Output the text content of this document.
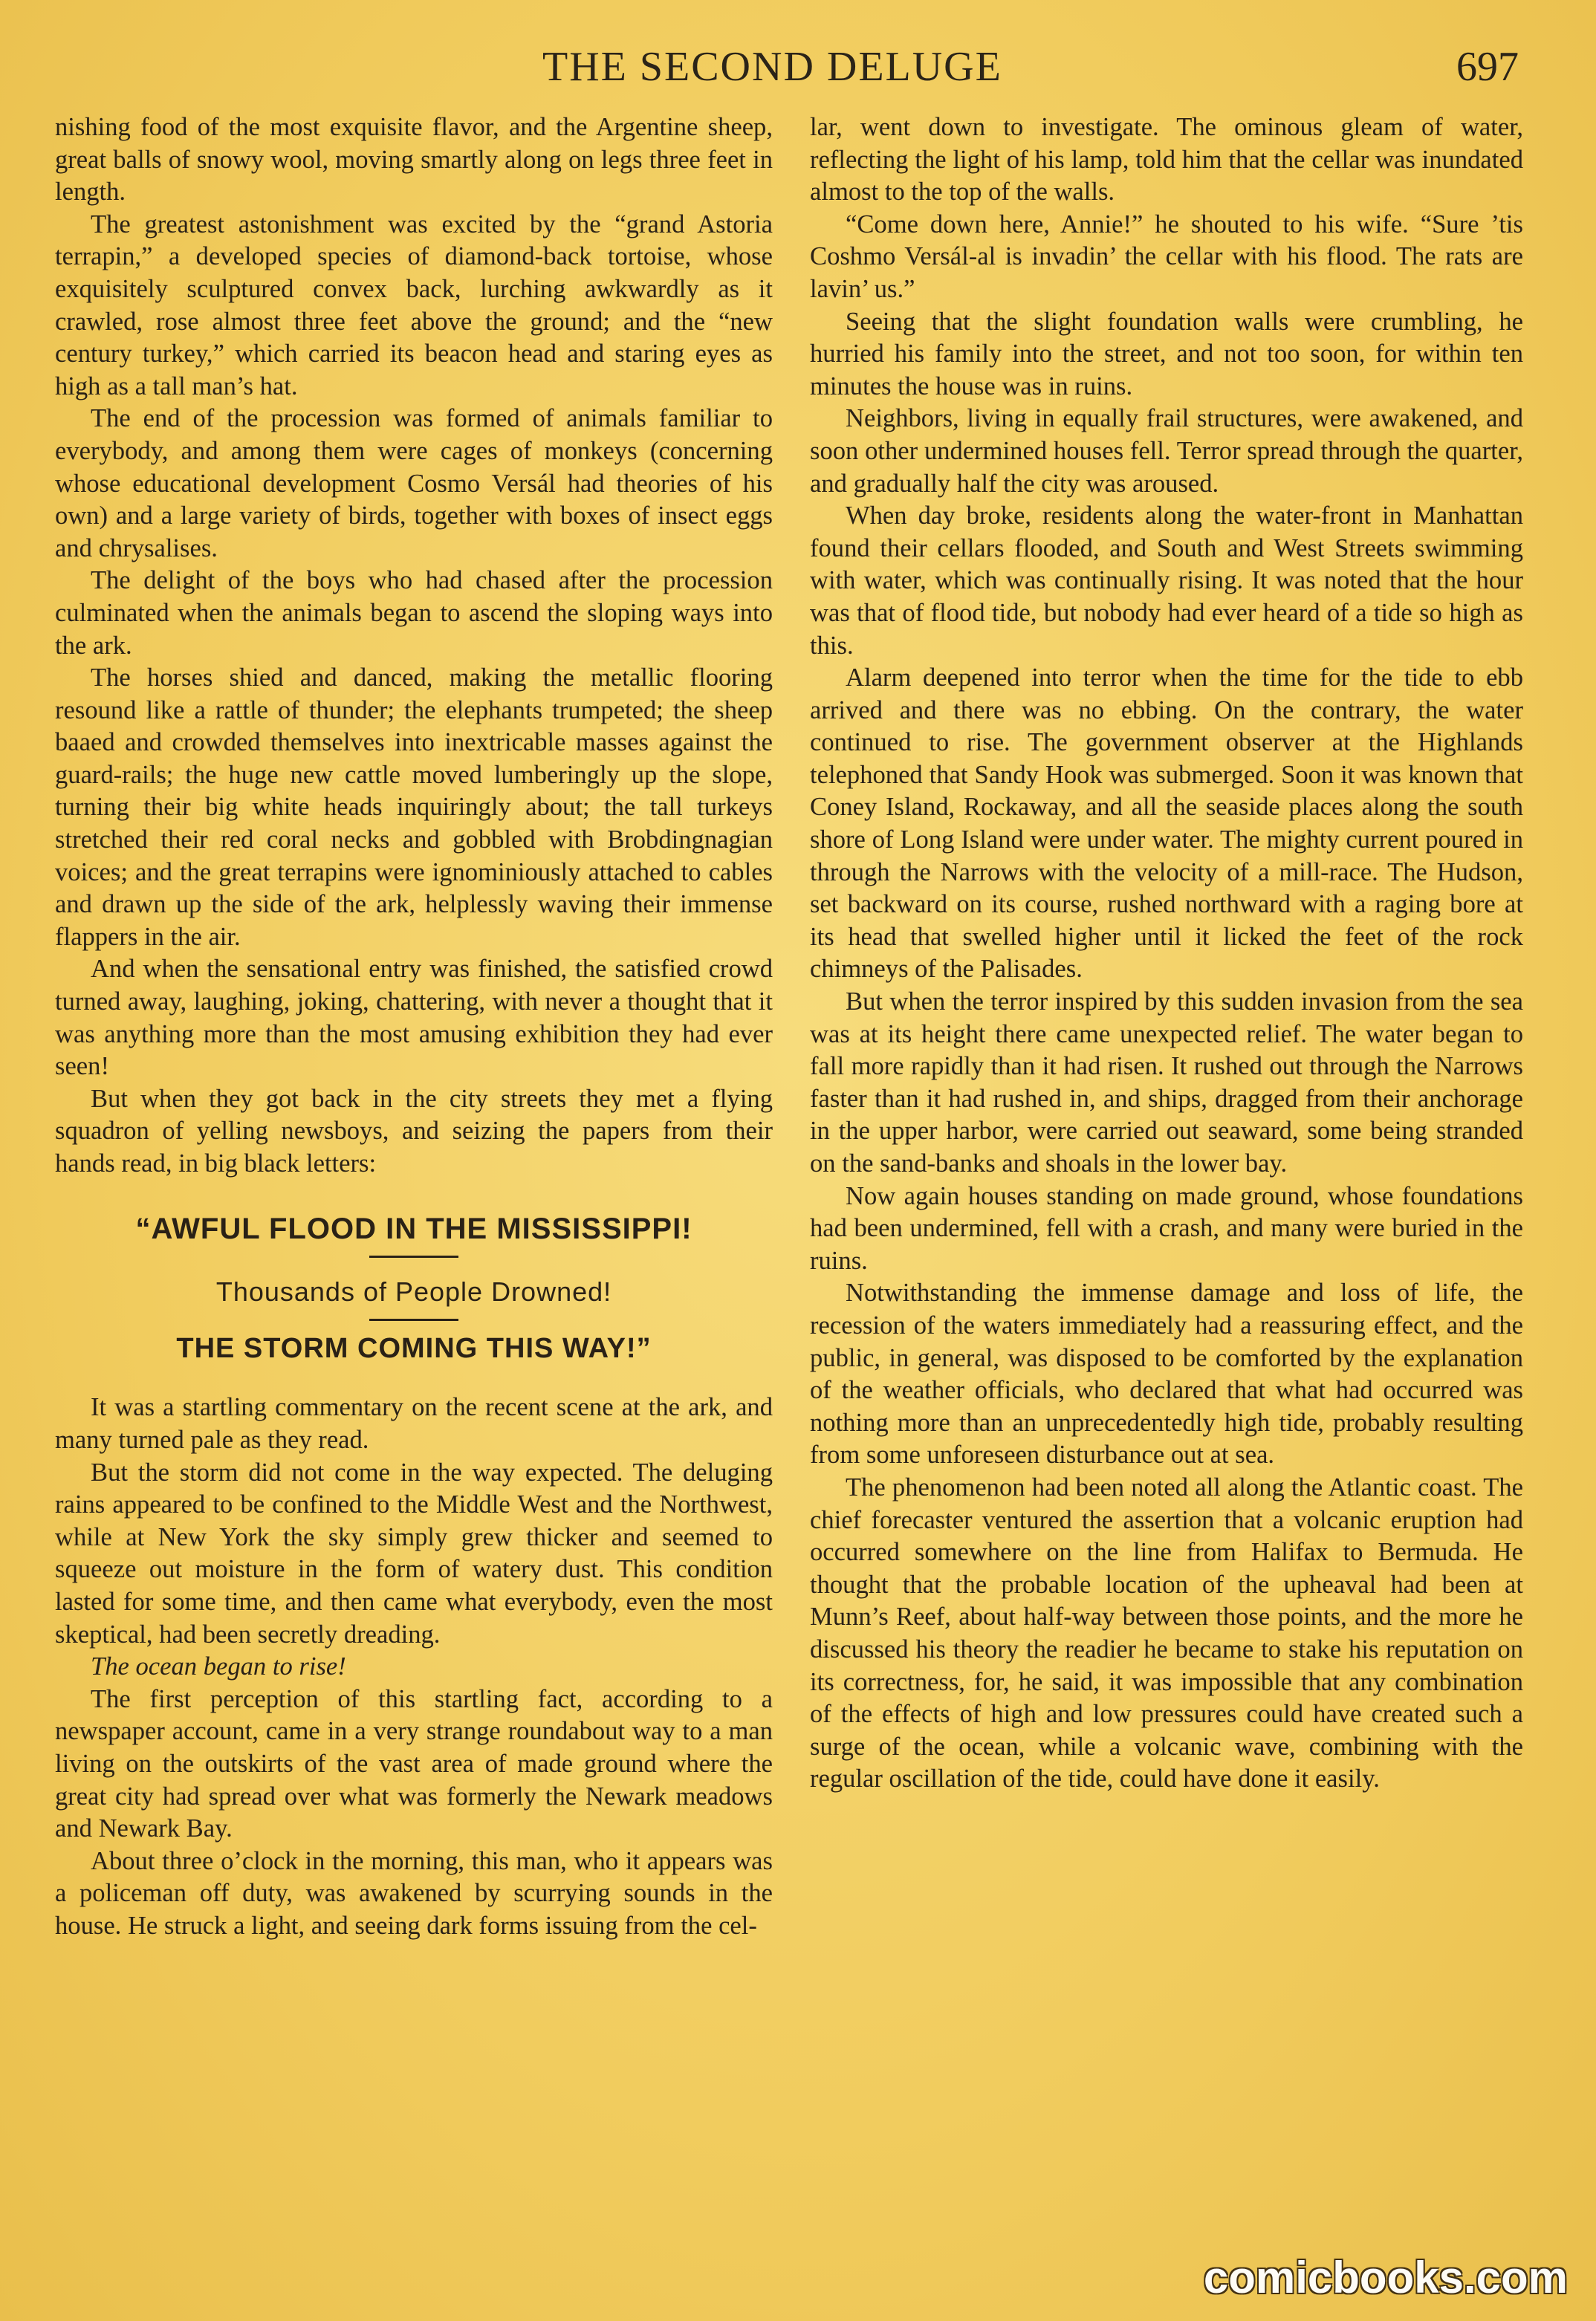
THE SECOND DELUGE	697

nishing food of the most exquisite flavor, and the Argentine sheep, great balls of snowy wool, moving smartly along on legs three feet in length.

The greatest astonishment was excited by the “grand Astoria terrapin,” a developed species of diamond-back tortoise, whose exquisitely sculptured convex back, lurching awkwardly as it crawled, rose almost three feet above the ground; and the “new century turkey,” which carried its beacon head and staring eyes as high as a tall man’s hat.

The end of the procession was formed of animals familiar to everybody, and among them were cages of monkeys (concerning whose educational development Cosmo Versál had theories of his own) and a large variety of birds, together with boxes of insect eggs and chrysalises.

The delight of the boys who had chased after the procession culminated when the animals began to ascend the sloping ways into the ark.

The horses shied and danced, making the metallic flooring resound like a rattle of thunder; the elephants trumpeted; the sheep baaed and crowded themselves into inextricable masses against the guard-rails; the huge new cattle moved lumberingly up the slope, turning their big white heads inquiringly about; the tall turkeys stretched their red coral necks and gobbled with Brobdingnagian voices; and the great terrapins were ignominiously attached to cables and drawn up the side of the ark, helplessly waving their immense flappers in the air.

And when the sensational entry was finished, the satisfied crowd turned away, laughing, joking, chattering, with never a thought that it was anything more than the most amusing exhibition they had ever seen!

But when they got back in the city streets they met a flying squadron of yelling newsboys, and seizing the papers from their hands read, in big black letters:

“AWFUL FLOOD IN THE MISSISSIPPI!

Thousands of People Drowned!

THE STORM COMING THIS WAY!”

It was a startling commentary on the recent scene at the ark, and many turned pale as they read.

But the storm did not come in the way expected. The deluging rains appeared to be confined to the Middle West and the Northwest, while at New York the sky simply grew thicker and seemed to squeeze out moisture in the form of watery dust. This condition lasted for some time, and then came what everybody, even the most skeptical, had been secretly dreading.

The ocean began to rise!

The first perception of this startling fact, according to a newspaper account, came in a very strange roundabout way to a man living on the outskirts of the vast area of made ground where the great city had spread over what was formerly the Newark meadows and Newark Bay.

About three o’clock in the morning, this man, who it appears was a policeman off duty, was awakened by scurrying sounds in the house. He struck a light, and seeing dark forms issuing from the cel-

lar, went down to investigate. The ominous gleam of water, reflecting the light of his lamp, told him that the cellar was inundated almost to the top of the walls.

“Come down here, Annie!” he shouted to his wife. “Sure ’tis Coshmo Versál-al is invadin’ the cellar with his flood. The rats are lavin’ us.”

Seeing that the slight foundation walls were crumbling, he hurried his family into the street, and not too soon, for within ten minutes the house was in ruins.

Neighbors, living in equally frail structures, were awakened, and soon other undermined houses fell. Terror spread through the quarter, and gradually half the city was aroused.

When day broke, residents along the water-front in Manhattan found their cellars flooded, and South and West Streets swimming with water, which was continually rising. It was noted that the hour was that of flood tide, but nobody had ever heard of a tide so high as this.

Alarm deepened into terror when the time for the tide to ebb arrived and there was no ebbing. On the contrary, the water continued to rise. The government observer at the Highlands telephoned that Sandy Hook was submerged. Soon it was known that Coney Island, Rockaway, and all the seaside places along the south shore of Long Island were under water. The mighty current poured in through the Narrows with the velocity of a mill-race. The Hudson, set backward on its course, rushed northward with a raging bore at its head that swelled higher until it licked the feet of the rock chimneys of the Palisades.

But when the terror inspired by this sudden invasion from the sea was at its height there came unexpected relief. The water began to fall more rapidly than it had risen. It rushed out through the Narrows faster than it had rushed in, and ships, dragged from their anchorage in the upper harbor, were carried out seaward, some being stranded on the sand-banks and shoals in the lower bay.

Now again houses standing on made ground, whose foundations had been undermined, fell with a crash, and many were buried in the ruins.

Notwithstanding the immense damage and loss of life, the recession of the waters immediately had a reassuring effect, and the public, in general, was disposed to be comforted by the explanation of the weather officials, who declared that what had occurred was nothing more than an unprecedentedly high tide, probably resulting from some unforeseen disturbance out at sea.

The phenomenon had been noted all along the Atlantic coast. The chief forecaster ventured the assertion that a volcanic eruption had occurred somewhere on the line from Halifax to Bermuda. He thought that the probable location of the upheaval had been at Munn’s Reef, about half-way between those points, and the more he discussed his theory the readier he became to stake his reputation on its correctness, for, he said, it was impossible that any combination of the effects of high and low pressures could have created such a surge of the ocean, while a volcanic wave, combining with the regular oscillation of the tide, could have done it easily.

comicbooks.com
